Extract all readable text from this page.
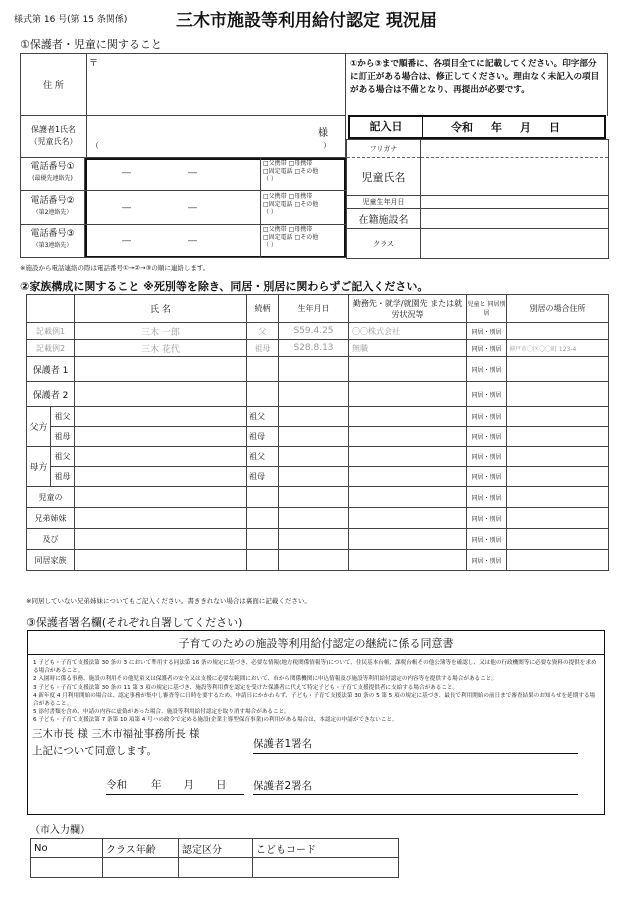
様式第 16 号(第 15 条関係)	三木市施設等利用給付認定 現況届
①保護者・児童に関すること
住 所
〒	①から③まで順番に、各項目全てに記載してください。印字部分に訂正がある場合は、修正してください。理由なく未記入の項目がある場合は不備となり、再提出が必要です。
保護者1氏名
（児童氏名）
様
（	）
記入日	令和 年 月 日
フリガナ	
児童氏名	
児童生年月日	
在籍施設名	
クラス	
電話番号①
(最優先連絡先)
―	―
□父携帯 □母携帯
□固定電話 □その他
（ ）
電話番号②
（第2連絡先）	―	―
□父携帯 □母携帯
□固定電話 □その他
（ ）
電話番号③
（第3連絡先）	―	―
□父携帯 □母携帯
□固定電話 □その他
（ ）
※施設から電話連絡の際は電話番号①→②→③の順に連絡します。
②家族構成に関すること ※死別等を除き、同居・別居に関わらずご記入ください。
		氏 名	続柄	生年月日	勤務先・就学/就園先 または就労状況等	児童と 同居別居	別居の場合住所
記載例1		三木 一郎	父	S59.4.25	〇〇株式会社	同居・別居	
記載例2		三木 花代	祖母	S28.8.13	無職	同居・別居	神戸市〇区〇〇町 123-4
保護者 1						同居・別居	
保護者 2						同居・別居	
父方	祖父		祖父			同居・別居	
	祖母		祖母			同居・別居	
母方	祖父		祖父			同居・別居	
	祖母		祖母			同居・別居	
児童の						同居・別居	
兄弟姉妹						同居・別居	
及び						同居・別居	
同居家族						同居・別居	
※同居していない兄弟姉妹についてもご記入ください。書ききれない場合は裏面に記載ください。
③保護者署名欄(それぞれ自署してください)
子育てのための施設等利用給付認定の継続に係る同意書
1 子ども・子育て支援法第 30 条の 3 において準用する同法第 16 条の規定に基づき、必要な情報(地方税関係情報等)について、住民基本台帳、課税台帳その他公簿等を確認し、又は他の行政機関等に必要な資料の提供を求める場合があること。
2 入園時に係る事務、施設の利用その他児童又は保護者の安全又は支援に必要な範囲において、市から関係機関に申込情報及び施設等利用給付認定の内容等を提供する場合があること。
3 子ども・子育て支援法第 30 条の 11 第 3 項の規定に基づき、施設等利用費を認定を受けた保護者に代えて特定子ども・子育て支援提供者に支給する場合があること。
4 新年度 4 月利用開始の場合は、認定事務が集中し審査等に日時を要するため、申請日にかかわらず、子ども・子育て支援法第 30 条の 5 第 5 項の規定に基づき、最長で利用開始の前日まで審査結果のお知らせを延期する場合があること。
5 添付書類を含め、申請の内容に虚偽があった場合、施設等利用給付認定を取り消す場合があること。
6 子ども・子育て支援法第 7 条第 10 項第 4 号ハの政令で定める施設(企業主導型保育事業)の利用がある場合は、本認定の申請ができないこと。
三木市長 様 三木市福祉事務所長 様
上記について同意します。
保護者1署名
令和 年 月 日	保護者2署名
（市入力欄）
No	クラス年齢	認定区分	こどもコード
